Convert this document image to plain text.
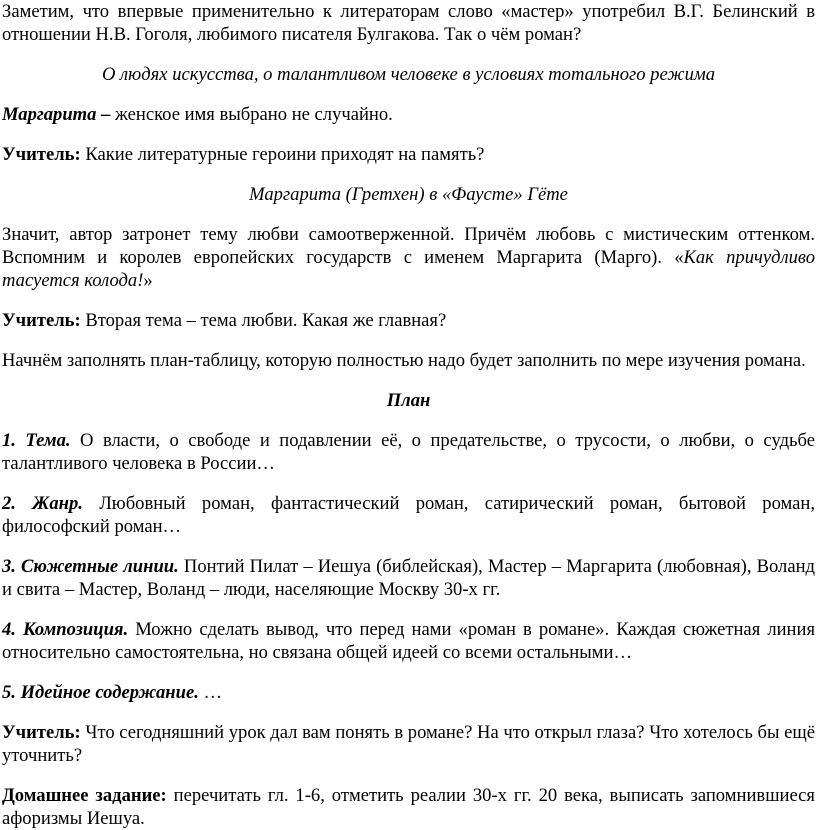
Заметим, что впервые применительно к литераторам слово «мастер» употребил В.Г. Белинский в отношении Н.В. Гоголя, любимого писателя Булгакова. Так о чём роман?

О людях искусства, о талантливом человеке в условиях тотального режима

Маргарита – женское имя выбрано не случайно.

Учитель: Какие литературные героини приходят на память?

Маргарита (Гретхен) в «Фаусте» Гёте

Значит, автор затронет тему любви самоотверженной. Причём любовь с мистическим оттенком. Вспомним и королев европейских государств с именем Маргарита (Марго). «Как причудливо тасуется колода!»

Учитель: Вторая тема – тема любви. Какая же главная?

Начнём заполнять план-таблицу, которую полностью надо будет заполнить по мере изучения романа.

План

1. Тема. О власти, о свободе и подавлении её, о предательстве, о трусости, о любви, о судьбе талантливого человека в России…

2. Жанр. Любовный роман, фантастический роман, сатирический роман, бытовой роман, философский роман…

3. Сюжетные линии. Понтий Пилат – Иешуа (библейская), Мастер – Маргарита (любовная), Воланд и свита – Мастер, Воланд – люди, населяющие Москву 30-х гг.

4. Композиция. Можно сделать вывод, что перед нами «роман в романе». Каждая сюжетная линия относительно самостоятельна, но связана общей идеей со всеми остальными…

5. Идейное содержание. …

Учитель: Что сегодняшний урок дал вам понять в романе? На что открыл глаза? Что хотелось бы ещё уточнить?

Домашнее задание: перечитать гл. 1-6, отметить реалии 30-х гг. 20 века, выписать запомнившиеся афоризмы Иешуа.
